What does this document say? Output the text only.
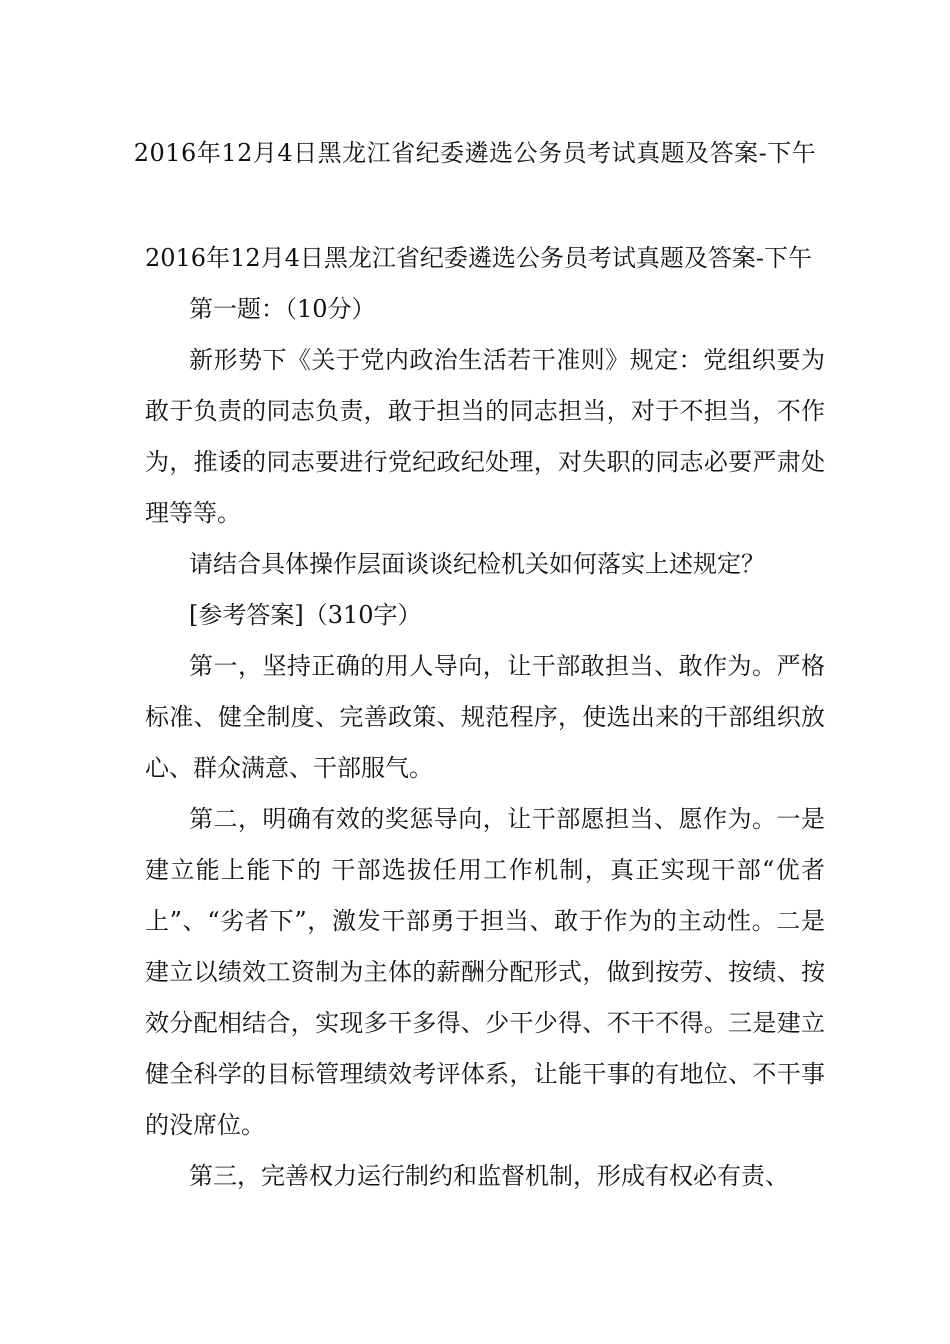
2016年12月4日黑龙江省纪委遴选公务员考试真题及答案-下午

2016年12月4日黑龙江省纪委遴选公务员考试真题及答案-下午

第一题：（10分）

新形势下《关于党内政治生活若干准则》规定：党组织要为敢于负责的同志负责，敢于担当的同志担当，对于不担当，不作为，推诿的同志要进行党纪政纪处理，对失职的同志必要严肃处理等等。

请结合具体操作层面谈谈纪检机关如何落实上述规定？

[参考答案]（310字）

第一，坚持正确的用人导向，让干部敢担当、敢作为。严格标准、健全制度、完善政策、规范程序，使选出来的干部组织放心、群众满意、干部服气。

第二，明确有效的奖惩导向，让干部愿担当、愿作为。一是建立能上能下的 干部选拔任用工作机制，真正实现干部“优者上”、“劣者下”，激发干部勇于担当、敢于作为的主动性。二是建立以绩效工资制为主体的薪酬分配形式，做到按劳、按绩、按效分配相结合，实现多干多得、少干少得、不干不得。三是建立健全科学的目标管理绩效考评体系，让能干事的有地位、不干事的没席位。

第三，完善权力运行制约和监督机制，形成有权必有责、
